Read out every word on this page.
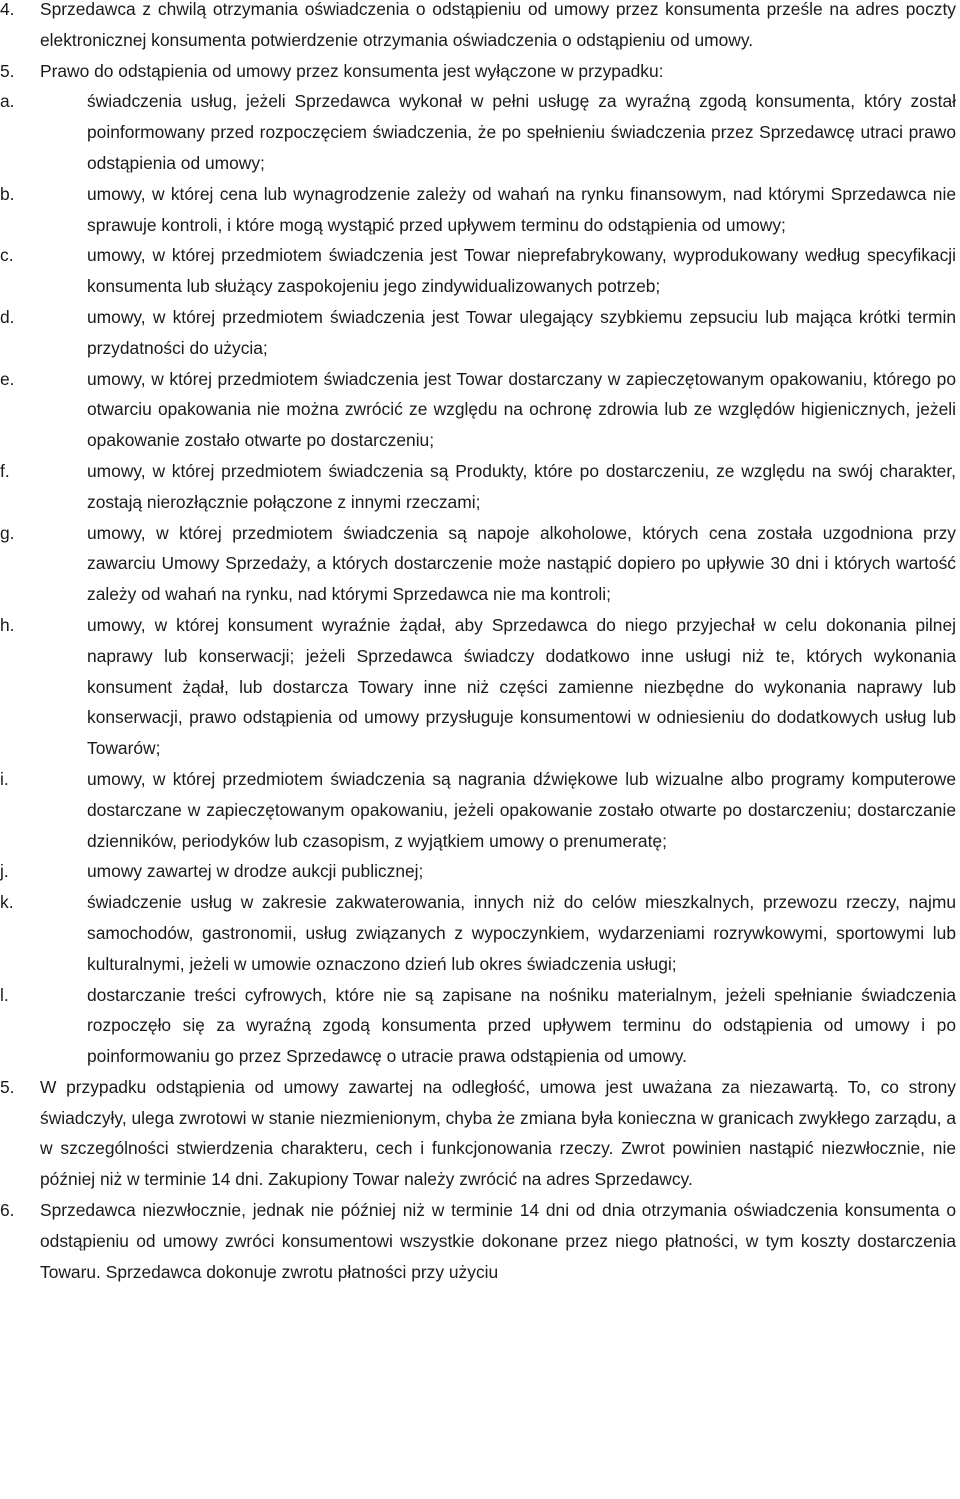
4.	Sprzedawca z chwilą otrzymania oświadczenia o odstąpieniu od umowy przez konsumenta prześle na adres poczty elektronicznej konsumenta potwierdzenie otrzymania oświadczenia o odstąpieniu od umowy.
5.	Prawo do odstąpienia od umowy przez konsumenta jest wyłączone w przypadku:
a.	świadczenia usług, jeżeli Sprzedawca wykonał w pełni usługę za wyraźną zgodą konsumenta, który został poinformowany przed rozpoczęciem świadczenia, że po spełnieniu świadczenia przez Sprzedawcę utraci prawo odstąpienia od umowy;
b.	umowy, w której cena lub wynagrodzenie zależy od wahań na rynku finansowym, nad którymi Sprzedawca nie sprawuje kontroli, i które mogą wystąpić przed upływem terminu do odstąpienia od umowy;
c.	umowy, w której przedmiotem świadczenia jest Towar nieprefabrykowany, wyprodukowany według specyfikacji konsumenta lub służący zaspokojeniu jego zindywidualizowanych potrzeb;
d.	umowy, w której przedmiotem świadczenia jest Towar ulegający szybkiemu zepsuciu lub mająca krótki termin przydatności do użycia;
e.	umowy, w której przedmiotem świadczenia jest Towar dostarczany w zapieczętowanym opakowaniu, którego po otwarciu opakowania nie można zwrócić ze względu na ochronę zdrowia lub ze względów higienicznych, jeżeli opakowanie zostało otwarte po dostarczeniu;
f.	umowy, w której przedmiotem świadczenia są Produkty, które po dostarczeniu, ze względu na swój charakter, zostają nierozłącznie połączone z innymi rzeczami;
g.	umowy, w której przedmiotem świadczenia są napoje alkoholowe, których cena została uzgodniona przy zawarciu Umowy Sprzedaży, a których dostarczenie może nastąpić dopiero po upływie 30 dni i których wartość zależy od wahań na rynku, nad którymi Sprzedawca nie ma kontroli;
h.	umowy, w której konsument wyraźnie żądał, aby Sprzedawca do niego przyjechał w celu dokonania pilnej naprawy lub konserwacji; jeżeli Sprzedawca świadczy dodatkowo inne usługi niż te, których wykonania konsument żądał, lub dostarcza Towary inne niż części zamienne niezbędne do wykonania naprawy lub konserwacji, prawo odstąpienia od umowy przysługuje konsumentowi w odniesieniu do dodatkowych usług lub Towarów;
i.	umowy, w której przedmiotem świadczenia są nagrania dźwiękowe lub wizualne albo programy komputerowe dostarczane w zapieczętowanym opakowaniu, jeżeli opakowanie zostało otwarte po dostarczeniu; dostarczanie dzienników, periodyków lub czasopism, z wyjątkiem umowy o prenumeratę;
j.	umowy zawartej w drodze aukcji publicznej;
k.	świadczenie usług w zakresie zakwaterowania, innych niż do celów mieszkalnych, przewozu rzeczy, najmu samochodów, gastronomii, usług związanych z wypoczynkiem, wydarzeniami rozrywkowymi, sportowymi lub kulturalnymi, jeżeli w umowie oznaczono dzień lub okres świadczenia usługi;
l.	dostarczanie treści cyfrowych, które nie są zapisane na nośniku materialnym, jeżeli spełnianie świadczenia rozpoczęło się za wyraźną zgodą konsumenta przed upływem terminu do odstąpienia od umowy i po poinformowaniu go przez Sprzedawcę o utracie prawa odstąpienia od umowy.
5.	W przypadku odstąpienia od umowy zawartej na odległość, umowa jest uważana za niezawartą. To, co strony świadczyły, ulega zwrotowi w stanie niezmienionym, chyba że zmiana była konieczna w granicach zwykłego zarządu, a w szczególności stwierdzenia charakteru, cech i funkcjonowania rzeczy. Zwrot powinien nastąpić niezwłocznie, nie później niż w terminie 14 dni. Zakupiony Towar należy zwrócić na adres Sprzedawcy.
6.	Sprzedawca niezwłocznie, jednak nie później niż w terminie 14 dni od dnia otrzymania oświadczenia konsumenta o odstąpieniu od umowy zwróci konsumentowi wszystkie dokonane przez niego płatności, w tym koszty dostarczenia Towaru. Sprzedawca dokonuje zwrotu płatności przy użyciu
